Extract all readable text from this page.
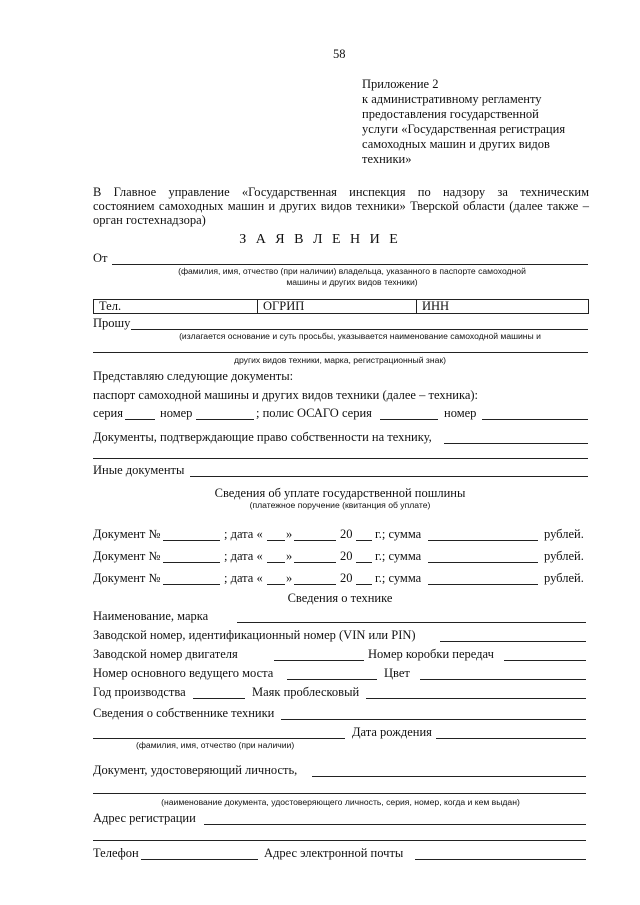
58
Приложение 2
к административному регламенту
предоставления государственной
услуги «Государственная регистрация
самоходных машин и других видов
техники»
В Главное управление «Государственная инспекция по надзору за техническим
состоянием самоходных машин и других видов техники» Тверской области (далее также –
орган гостехнадзора)
З А Я В Л Е Н И Е
От
(фамилия, имя, отчество (при наличии) владельца, указанного в паспорте самоходной
машины и других видов техники)
Тел.	ОГРИП	ИНН
Прошу
(излагается основание и суть просьбы, указывается наименование самоходной машины и
других видов техники, марка, регистрационный знак)
Представляю следующие документы:
паспорт самоходной машины и других видов техники (далее – техника):
серия	номер	; полис ОСАГО серия	номер
Документы, подтверждающие право собственности на технику,
Иные документы
Сведения об уплате государственной пошлины
(платежное поручение (квитанция об уплате)
Документ №	; дата « »	20 г.; сумма	рублей.
Документ №	; дата « »	20 г.; сумма	рублей.
Документ №	; дата « »	20 г.; сумма	рублей.
Сведения о технике
Наименование, марка
Заводской номер, идентификационный номер (VIN или PIN)
Заводской номер двигателя	Номер коробки передач
Номер основного ведущего моста	Цвет
Год производства	Маяк проблесковый
Сведения о собственнике техники
Дата рождения
(фамилия, имя, отчество (при наличии)
Документ, удостоверяющий личность,
(наименование документа, удостоверяющего личность, серия, номер, когда и кем выдан)
Адрес регистрации
Телефон	Адрес электронной почты
